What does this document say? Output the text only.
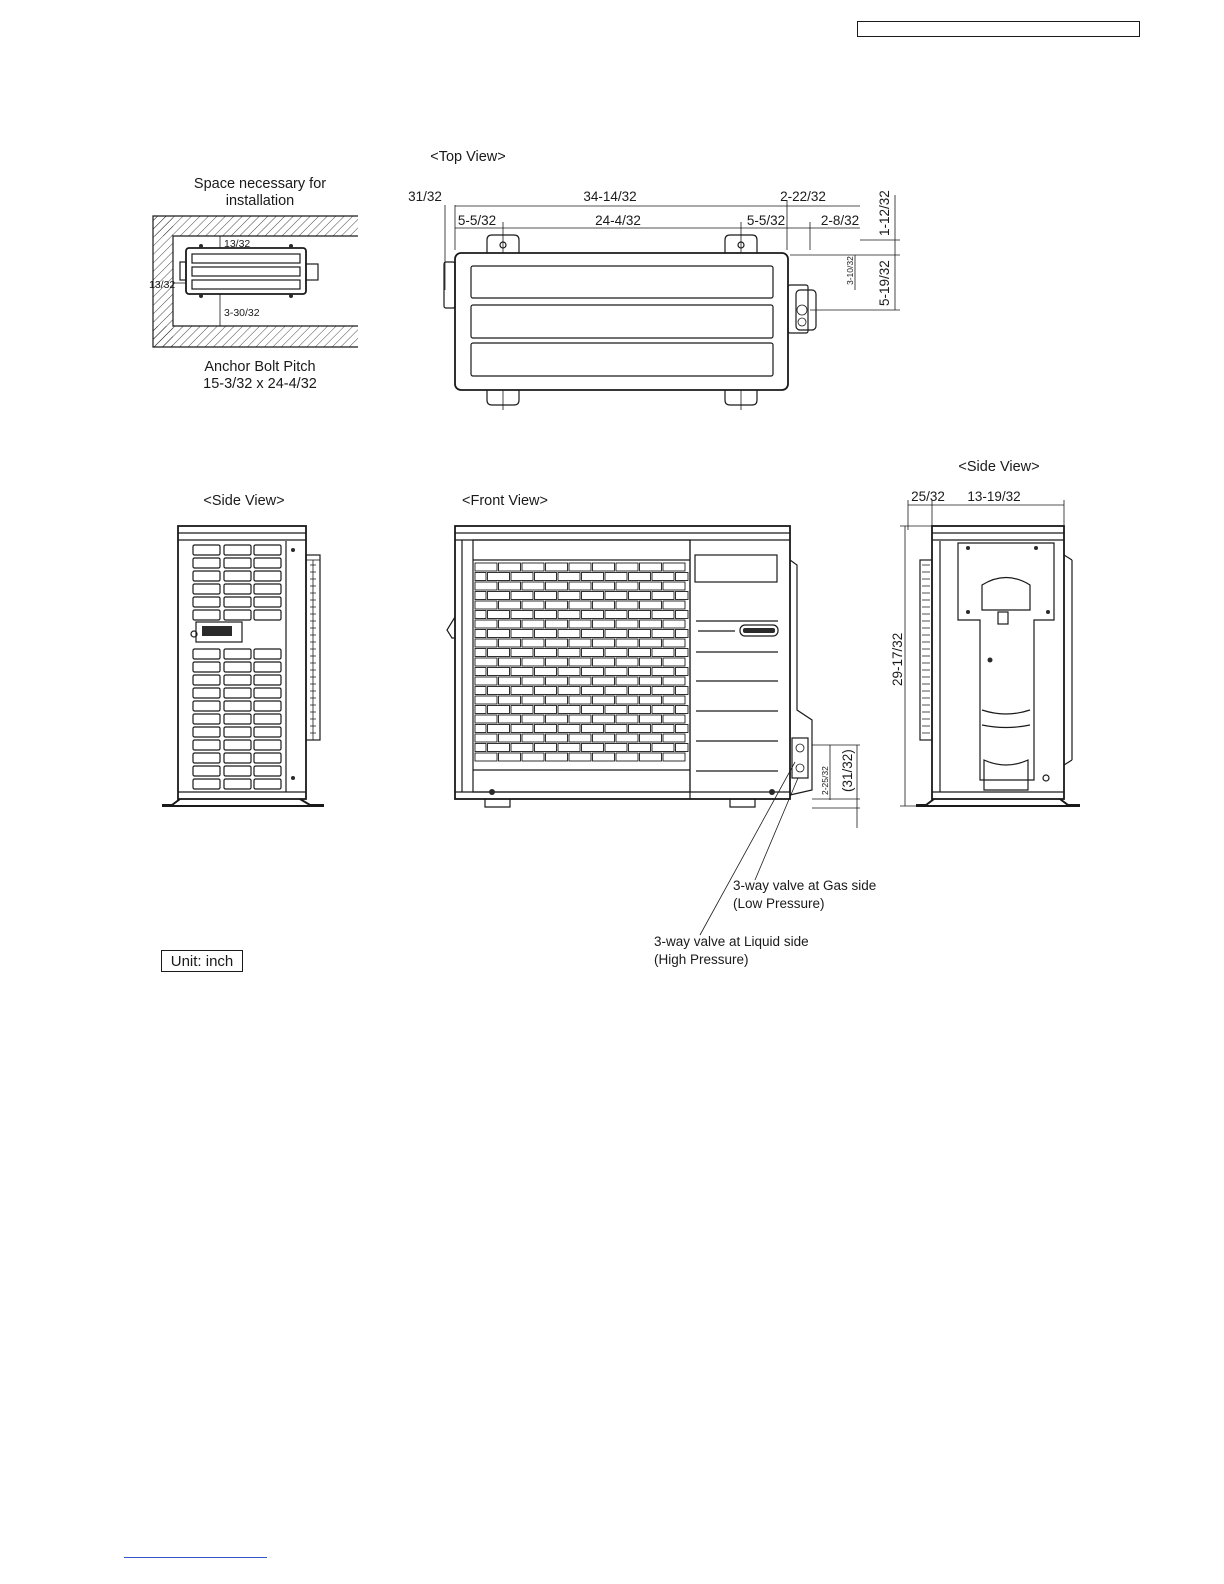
Space necessary for
installation
13/32
13/32
3-30/32
Anchor Bolt Pitch
15-3/32 x 24-4/32
<Top View>
31/32	34-14/32	2-22/32
5-5/32	24-4/32	5-5/32	2-8/32 1-12/32
3-10/32 5-19/32
<Side View>	<Front View>
2-25/32 (31/32)
3-way valve at Gas side
(Low Pressure)
3-way valve at Liquid side
(High Pressure)
<Side View>
25/32 13-19/32
29-17/32
Unit: inch
